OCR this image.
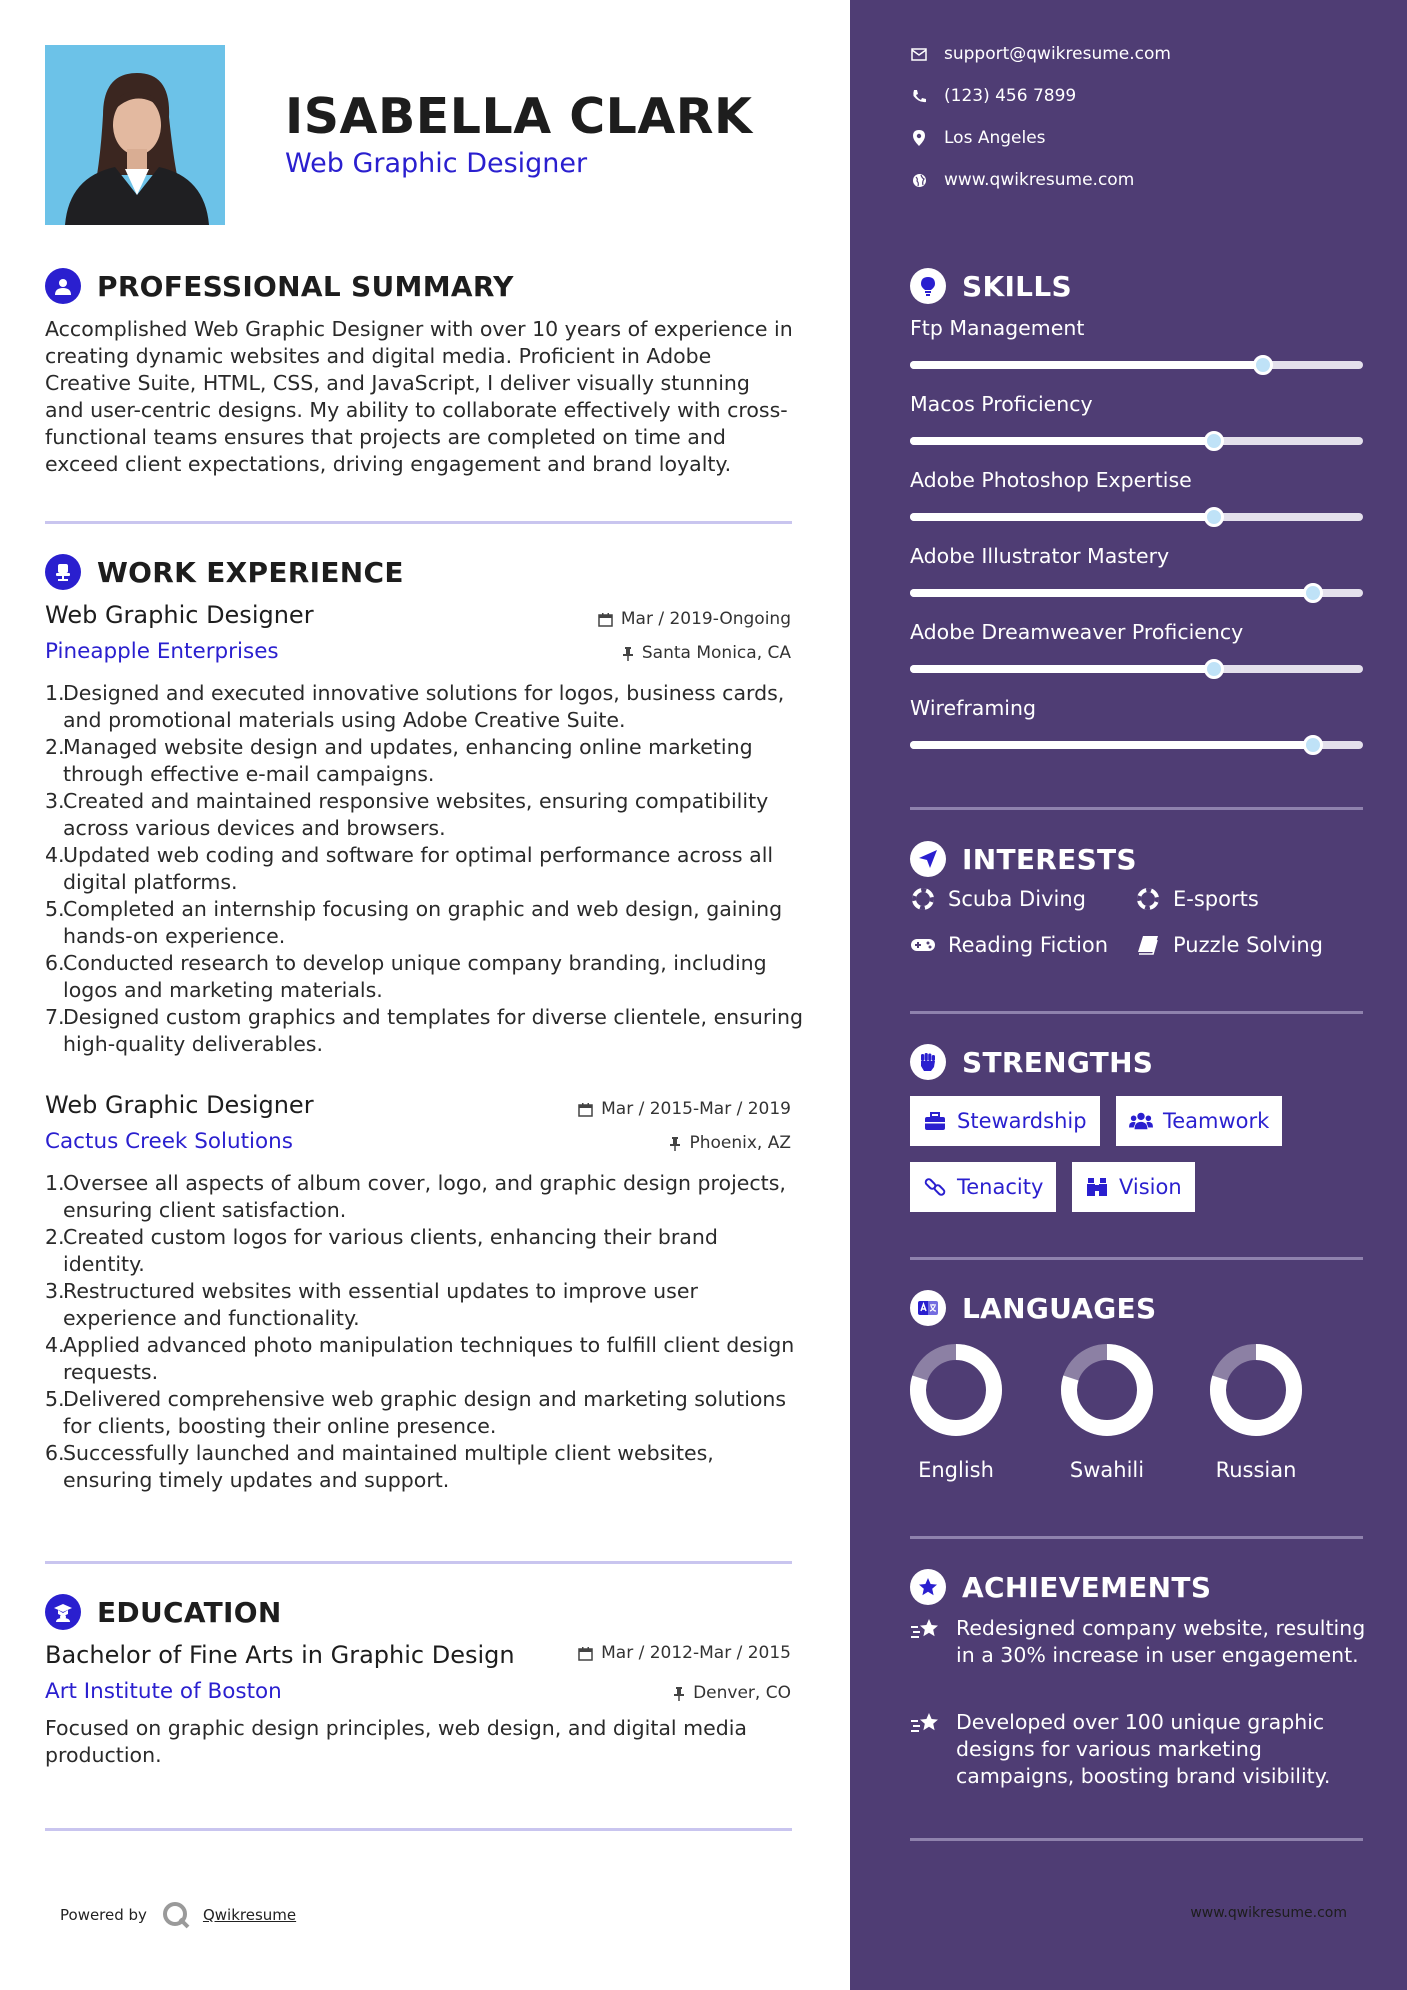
ISABELLA CLARK
Web Graphic Designer
PROFESSIONAL SUMMARY
Accomplished Web Graphic Designer with over 10 years of experience in creating dynamic websites and digital media. Proficient in Adobe Creative Suite, HTML, CSS, and JavaScript, I deliver visually stunning and user-centric designs. My ability to collaborate effectively with cross-functional teams ensures that projects are completed on time and exceed client expectations, driving engagement and brand loyalty.
WORK EXPERIENCE
Web Graphic Designer	Mar / 2019-Ongoing
Pineapple Enterprises	Santa Monica, CA
1.
Designed and executed innovative solutions for logos, business cards, and promotional materials using Adobe Creative Suite.
2.
Managed website design and updates, enhancing online marketing through effective e-mail campaigns.
3.
Created and maintained responsive websites, ensuring compatibility across various devices and browsers.
4.
Updated web coding and software for optimal performance across all digital platforms.
5.
Completed an internship focusing on graphic and web design, gaining hands-on experience.
6.
Conducted research to develop unique company branding, including logos and marketing materials.
7.
Designed custom graphics and templates for diverse clientele, ensuring high-quality deliverables.
Web Graphic Designer	Mar / 2015-Mar / 2019
Cactus Creek Solutions	Phoenix, AZ
1.
Oversee all aspects of album cover, logo, and graphic design projects, ensuring client satisfaction.
2.
Created custom logos for various clients, enhancing their brand identity.
3.
Restructured websites with essential updates to improve user experience and functionality.
4.
Applied advanced photo manipulation techniques to fulfill client design requests.
5.
Delivered comprehensive web graphic design and marketing solutions for clients, boosting their online presence.
6.
Successfully launched and maintained multiple client websites, ensuring timely updates and support.
EDUCATION
Bachelor of Fine Arts in Graphic Design	Mar / 2012-Mar / 2015
Art Institute of Boston	Denver, CO
Focused on graphic design principles, web design, and digital media production.
Powered by	Qwikresume
support@qwikresume.com
(123) 456 7899
Los Angeles
www.qwikresume.com
SKILLS
Ftp Management
Macos Proficiency
Adobe Photoshop Expertise
Adobe Illustrator Mastery
Adobe Dreamweaver Proficiency
Wireframing
INTERESTS
Scuba Diving	E-sports
Reading Fiction	Puzzle Solving
STRENGTHS
Stewardship	Teamwork
Tenacity	Vision
LANGUAGES
English	Swahili	Russian
ACHIEVEMENTS
Redesigned company website, resulting in a 30% increase in user engagement.
Developed over 100 unique graphic designs for various marketing campaigns, boosting brand visibility.
www.qwikresume.com
